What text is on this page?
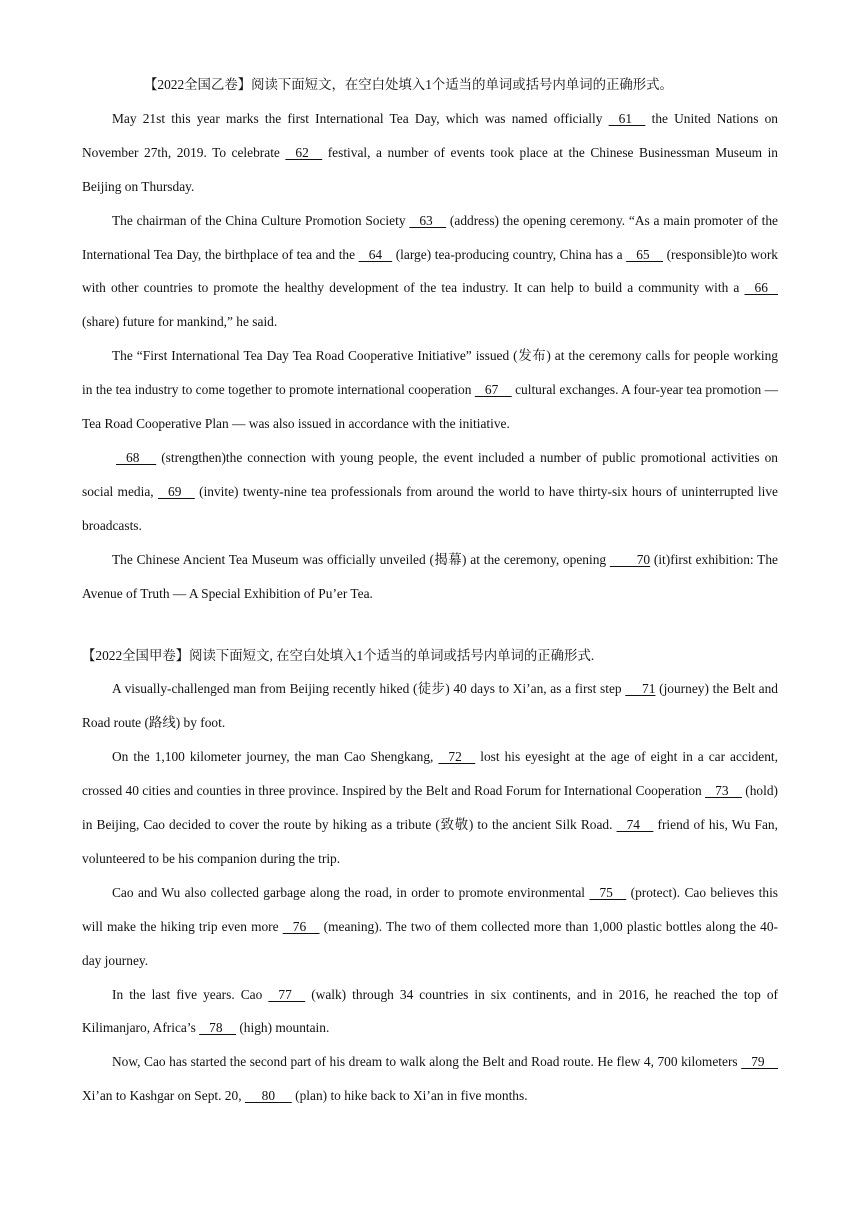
【2022全国乙卷】阅读下面短文，在空白处填入1个适当的单词或括号内单词的正确形式。

May 21st this year marks the first International Tea Day, which was named officially    61     the United Nations on November 27th, 2019. To celebrate    62     festival, a number of events took place at the Chinese Businessman Museum in Beijing on Thursday.

The chairman of the China Culture Promotion Society    63     (address) the opening ceremony. “As a main promoter of the International Tea Day, the birthplace of tea and the    64    (large) tea-producing country, China has a    65     (responsible)to work with other countries to promote the healthy development of the tea industry. It can help to build a community with a    66    (share) future for mankind,” he said.

The “First International Tea Day Tea Road Cooperative Initiative” issued (发布) at the ceremony calls for people working in the tea industry to come together to promote international cooperation    67     cultural exchanges. A four-year tea promotion —Tea Road Cooperative Plan — was also issued in accordance with the initiative.

68      (strengthen)the connection with young people, the event included a number of public promotional activities on social media,    69     (invite) twenty-nine tea professionals from around the world to have thirty-six hours of uninterrupted live broadcasts.

The Chinese Ancient Tea Museum was officially unveiled (揭幕) at the ceremony, opening         70 (it)first exhibition: The Avenue of Truth — A Special Exhibition of Pu’er Tea.

【2022全国甲卷】阅读下面短文, 在空白处填入1个适当的单词或括号内单词的正确形式.

A visually-challenged man from Beijing recently hiked (徒步) 40 days to Xi’an, as a first step      71 (journey) the Belt and Road route (路线) by foot.

On the 1,100 kilometer journey, the man Cao Shengkang,    72     lost his eyesight at the age of eight in a car accident, crossed 40 cities and counties in three province. Inspired by the Belt and Road Forum for International Cooperation    73     (hold) in Beijing, Cao decided to cover the route by hiking as a tribute (致敬) to the ancient Silk Road.    74     friend of his, Wu Fan, volunteered to be his companion during the trip.

Cao and Wu also collected garbage along the road, in order to promote environmental    75     (protect). Cao believes this will make the hiking trip even more    76     (meaning). The two of them collected more than 1,000 plastic bottles along the 40-day journey.

In the last five years. Cao    77     (walk) through 34 countries in six continents, and in 2016, he reached the top of Kilimanjaro, Africa’s    78     (high) mountain.

Now, Cao has started the second part of his dream to walk along the Belt and Road route. He flew 4, 700 kilometers    79     Xi’an to Kashgar on Sept. 20,      80      (plan) to hike back to Xi’an in five months.
